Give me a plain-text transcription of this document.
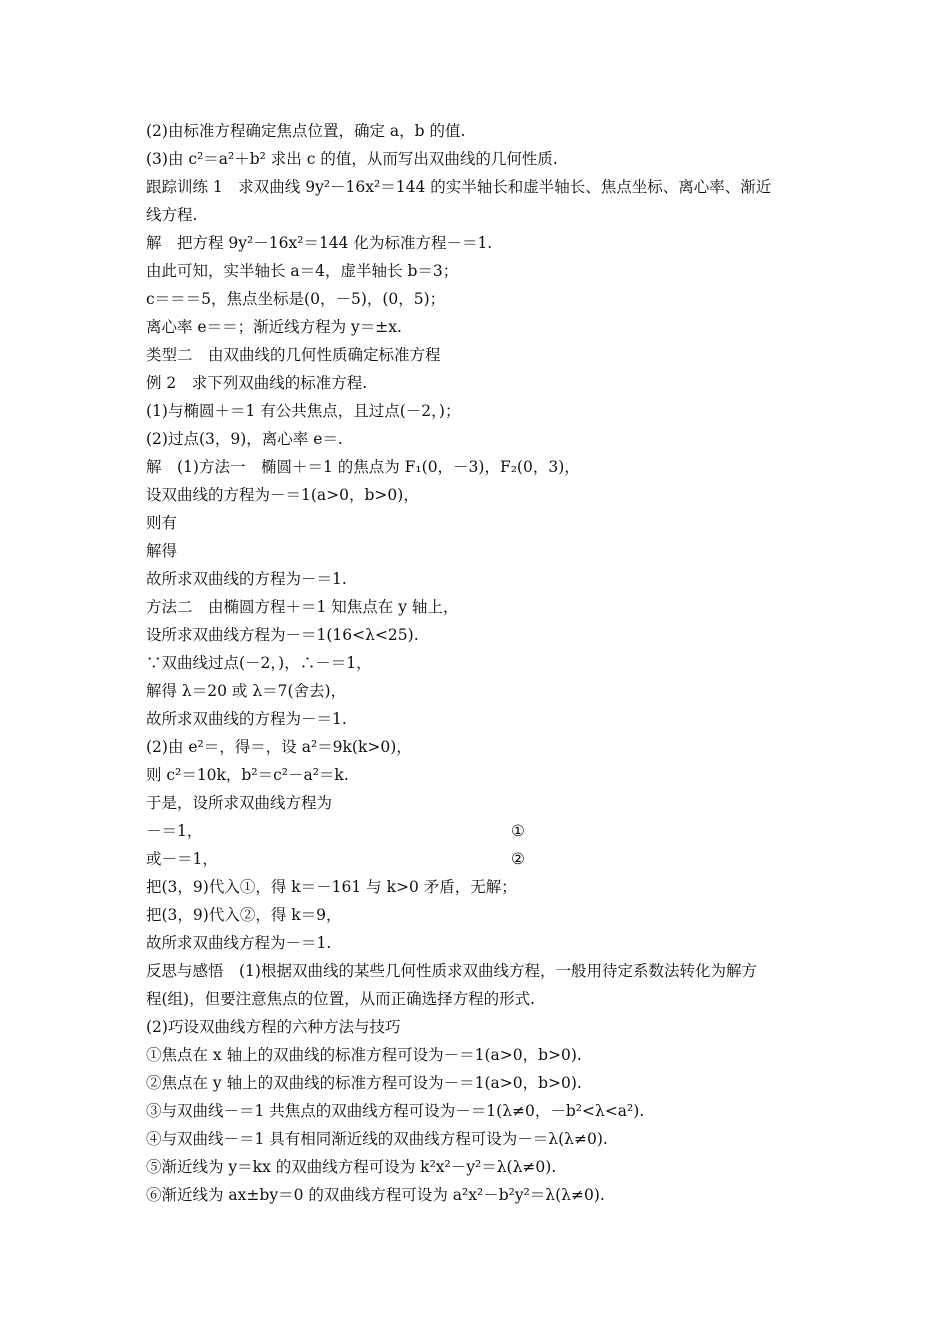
(2)由标准方程确定焦点位置，确定 a，b 的值.
(3)由 c²＝a²＋b² 求出 c 的值，从而写出双曲线的几何性质.
跟踪训练 1　求双曲线 9y²－16x²＝144 的实半轴长和虚半轴长、焦点坐标、离心率、渐近
线方程.
解　把方程 9y²－16x²＝144 化为标准方程－＝1.
由此可知，实半轴长 a＝4，虚半轴长 b＝3；
c＝＝＝5，焦点坐标是(0，－5)，(0，5)；
离心率 e＝＝；渐近线方程为 y＝±x.
类型二　由双曲线的几何性质确定标准方程
例 2　求下列双曲线的标准方程.
(1)与椭圆＋＝1 有公共焦点，且过点(－2，)；
(2)过点(3，9)，离心率 e＝.
解　(1)方法一　椭圆＋＝1 的焦点为 F₁(0，－3)，F₂(0，3)，
设双曲线的方程为－＝1(a>0，b>0)，
则有
解得
故所求双曲线的方程为－＝1.
方法二　由椭圆方程＋＝1 知焦点在 y 轴上，
设所求双曲线方程为－＝1(16<λ<25).
∵双曲线过点(－2，)，∴－＝1，
解得 λ＝20 或 λ＝7(舍去)，
故所求双曲线的方程为－＝1.
(2)由 e²＝，得＝，设 a²＝9k(k>0)，
则 c²＝10k，b²＝c²－a²＝k.
于是，设所求双曲线方程为
－＝1，	①
或－＝1，	②
把(3，9)代入①，得 k＝－161 与 k>0 矛盾，无解；
把(3，9)代入②，得 k＝9，
故所求双曲线方程为－＝1.
反思与感悟　(1)根据双曲线的某些几何性质求双曲线方程，一般用待定系数法转化为解方
程(组)，但要注意焦点的位置，从而正确选择方程的形式.
(2)巧设双曲线方程的六种方法与技巧
①焦点在 x 轴上的双曲线的标准方程可设为－＝1(a>0，b>0).
②焦点在 y 轴上的双曲线的标准方程可设为－＝1(a>0，b>0).
③与双曲线－＝1 共焦点的双曲线方程可设为－＝1(λ≠0，－b²<λ<a²).
④与双曲线－＝1 具有相同渐近线的双曲线方程可设为－＝λ(λ≠0).
⑤渐近线为 y＝kx 的双曲线方程可设为 k²x²－y²＝λ(λ≠0).
⑥渐近线为 ax±by＝0 的双曲线方程可设为 a²x²－b²y²＝λ(λ≠0).
